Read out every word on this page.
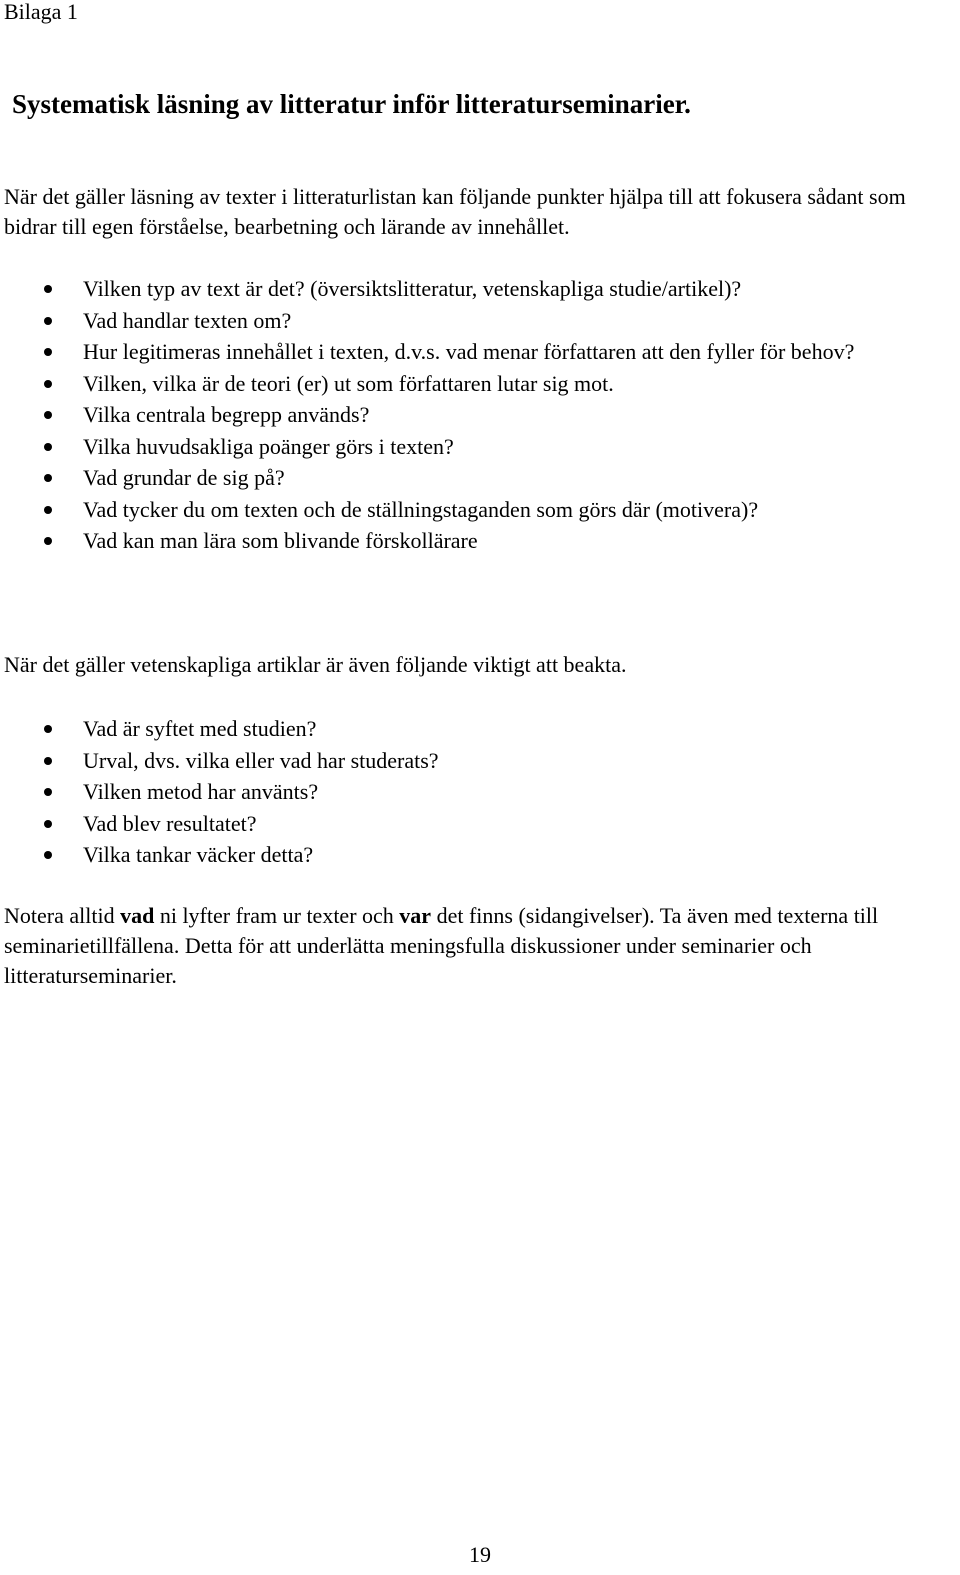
Bilaga 1
Systematisk läsning av litteratur inför litteraturseminarier.
När det gäller läsning av texter i litteraturlistan kan följande punkter hjälpa till att fokusera sådant som bidrar till egen förståelse, bearbetning och lärande av innehållet.
Vilken typ av text är det? (översiktslitteratur, vetenskapliga studie/artikel)?
Vad handlar texten om?
Hur legitimeras innehållet i texten, d.v.s. vad menar författaren att den fyller för behov?
Vilken, vilka är de teori (er) ut som författaren lutar sig mot.
Vilka centrala begrepp används?
Vilka huvudsakliga poänger görs i texten?
Vad grundar de sig på?
Vad tycker du om texten och de ställningstaganden som görs där (motivera)?
Vad kan man lära som blivande förskollärare
När det gäller vetenskapliga artiklar är även följande viktigt att beakta.
Vad är syftet med studien?
Urval, dvs. vilka eller vad har studerats?
Vilken metod har använts?
Vad blev resultatet?
Vilka tankar väcker detta?
Notera alltid vad ni lyfter fram ur texter och var det finns (sidangivelser). Ta även med texterna till seminarietillfällena. Detta för att underlätta meningsfulla diskussioner under seminarier och litteraturseminarier.
19
